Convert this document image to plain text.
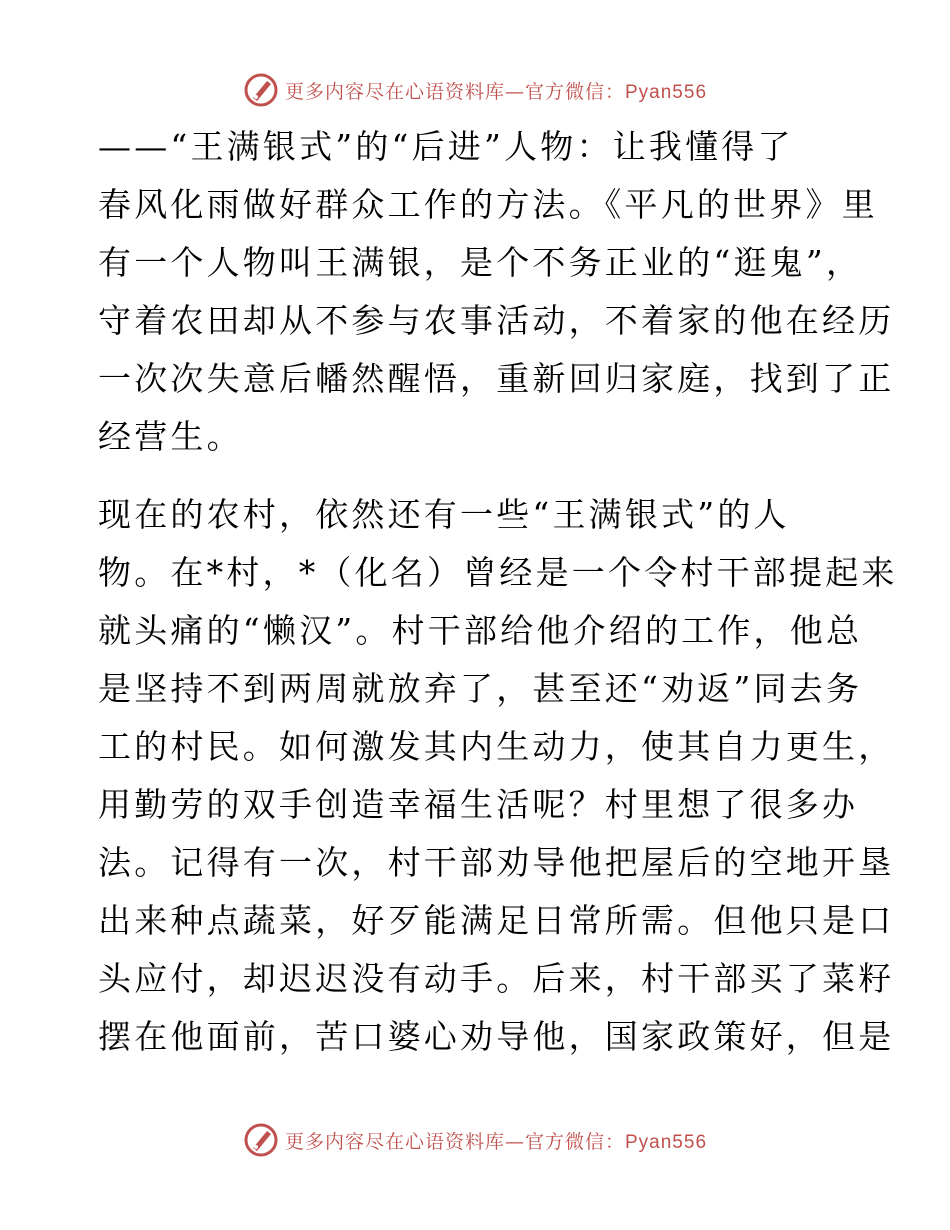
更多内容尽在心语资料库—官方微信：Pyan556

——“王满银式”的“后进”人物：让我懂得了
春风化雨做好群众工作的方法。《平凡的世界》里
有一个人物叫王满银，是个不务正业的“逛鬼”，
守着农田却从不参与农事活动，不着家的他在经历
一次次失意后幡然醒悟，重新回归家庭，找到了正
经营生。

现在的农村，依然还有一些“王满银式”的人
物。在*村，*（化名）曾经是一个令村干部提起来
就头痛的“懒汉”。村干部给他介绍的工作，他总
是坚持不到两周就放弃了，甚至还“劝返”同去务
工的村民。如何激发其内生动力，使其自力更生，
用勤劳的双手创造幸福生活呢？村里想了很多办
法。记得有一次，村干部劝导他把屋后的空地开垦
出来种点蔬菜，好歹能满足日常所需。但他只是口
头应付，却迟迟没有动手。后来，村干部买了菜籽
摆在他面前，苦口婆心劝导他，国家政策好，但是

更多内容尽在心语资料库—官方微信：Pyan556
